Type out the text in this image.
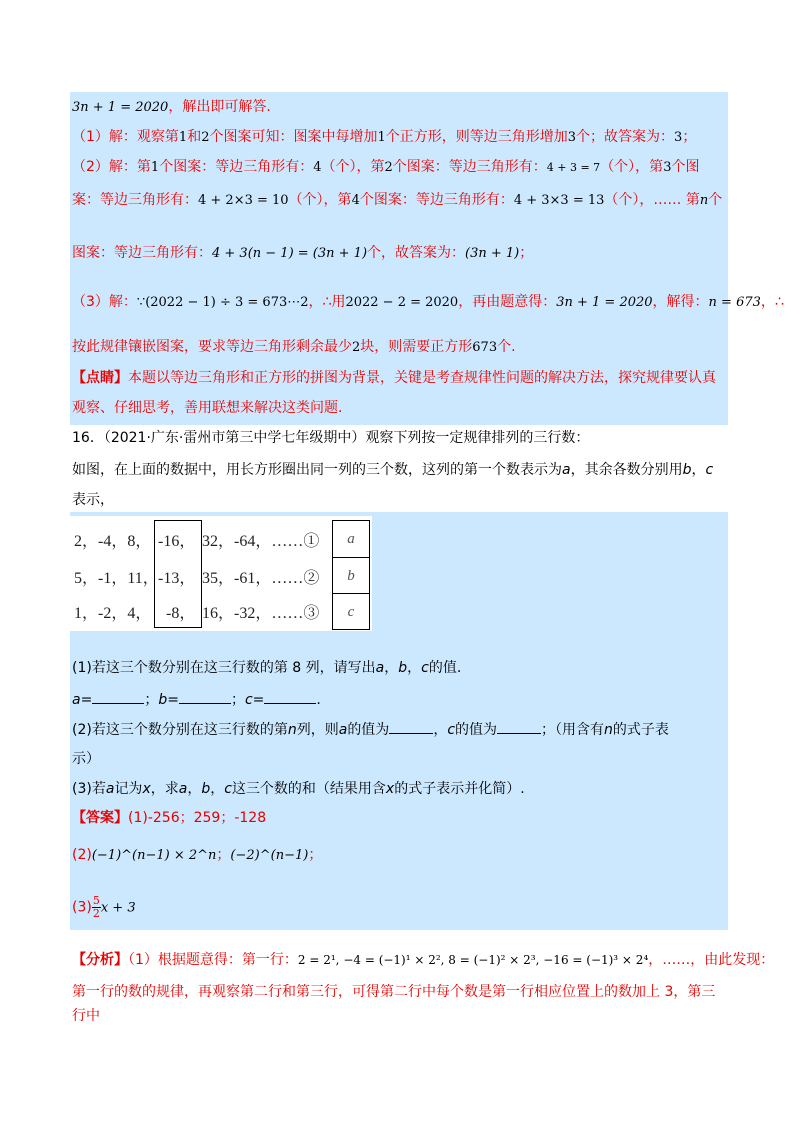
3n + 1 = 2020，解出即可解答.
（1）解：观察第1和2个图案可知：图案中每增加1个正方形，则等边三角形增加3个；故答案为：3；
（2）解：第1个图案：等边三角形有：4（个），第2个图案：等边三角形有：4 + 3 = 7（个），第3个图
案：等边三角形有：4 + 2×3 = 10（个），第4个图案：等边三角形有：4 + 3×3 = 13（个），…… 第n个
图案：等边三角形有：4 + 3(n − 1) = (3n + 1)个，故答案为：(3n + 1)；
（3）解：∵(2022 − 1) ÷ 3 = 673⋯2，∴用2022 − 2 = 2020，再由题意得：3n + 1 = 2020，解得：n = 673，∴
按此规律镶嵌图案，要求等边三角形剩余最少2块，则需要正方形673个.
【点睛】本题以等边三角形和正方形的拼图为背景，关键是考查规律性问题的解决方法，探究规律要认真
观察、仔细思考，善用联想来解决这类问题.
16．（2021·广东·雷州市第三中学七年级期中）观察下列按一定规律排列的三行数：
如图，在上面的数据中，用长方形圈出同一列的三个数，这列的第一个数表示为a，其余各数分别用b，c
表示，
a
b
c
2，-4，8， -16， 32，-64，……①
5，-1，11， -13， 35，-61，……②
1，-2，4， -8， 16，-32，……③
(1)若这三个数分别在这三行数的第 8 列，请写出a，b，c的值.
a=	；b=	；c=	.
(2)若这三个数分别在这三行数的第n列，则a的值为	，c的值为	；（用含有n的式子表
示）
(3)若a记为x，求a，b，c这三个数的和（结果用含x的式子表示并化简）.
【答案】(1)-256；259；-128
(2)(−1)^(n−1) × 2^n；(−2)^(n−1)；
$(3) \frac{5}{2}$ x + 3
【分析】（1）根据题意得：第一行：2 = 2¹, −4 = (−1)¹ × 2², 8 = (−1)² × 2³, −16 = (−1)³ × 2⁴，……，由此发现：
第一行的数的规律，再观察第二行和第三行，可得第二行中每个数是第一行相应位置上的数加上 3，第三
行中
